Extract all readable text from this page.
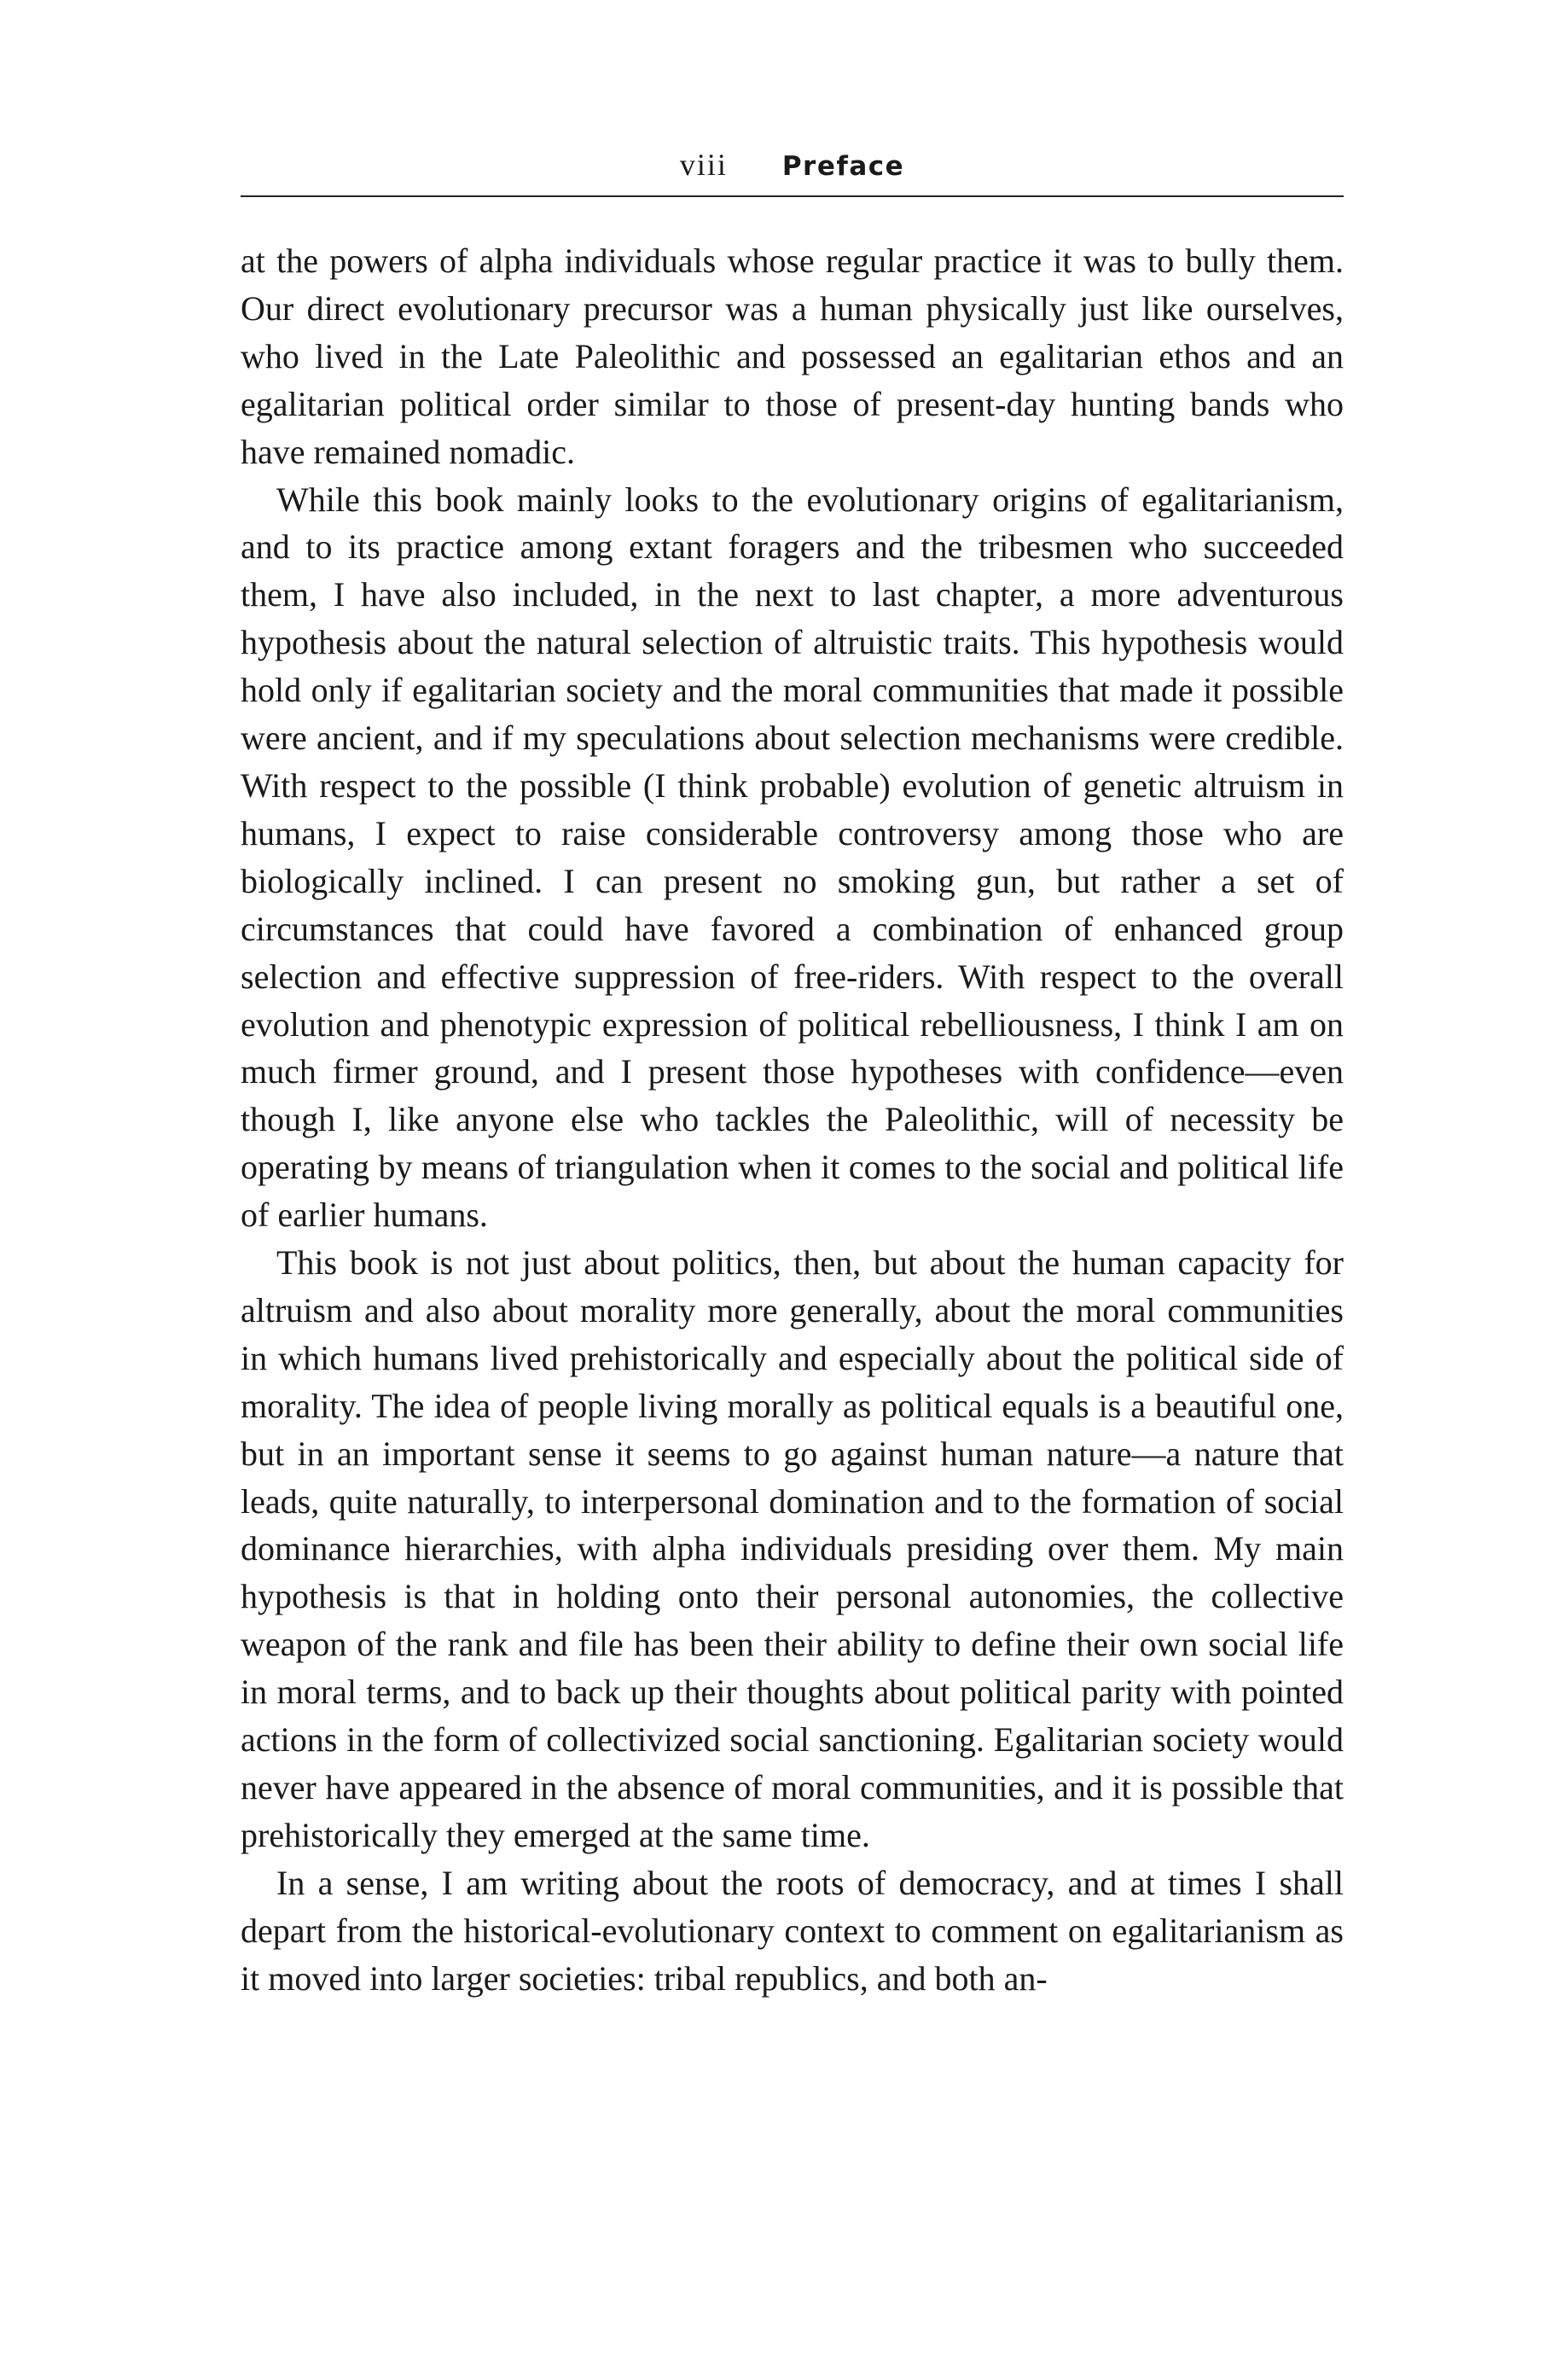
viii Preface

at the powers of alpha individuals whose regular practice it was to bully them. Our direct evolutionary precursor was a human physically just like ourselves, who lived in the Late Paleolithic and possessed an egalitarian ethos and an egalitarian political order similar to those of present-day hunting bands who have remained nomadic.

While this book mainly looks to the evolutionary origins of egalitarianism, and to its practice among extant foragers and the tribesmen who succeeded them, I have also included, in the next to last chapter, a more adventurous hypothesis about the natural selection of altruistic traits. This hypothesis would hold only if egalitarian society and the moral communities that made it possible were ancient, and if my speculations about selection mechanisms were credible. With respect to the possible (I think probable) evolution of genetic altruism in humans, I expect to raise considerable controversy among those who are biologically inclined. I can present no smoking gun, but rather a set of circumstances that could have favored a combination of enhanced group selection and effective suppression of free-riders. With respect to the overall evolution and phenotypic expression of political rebelliousness, I think I am on much firmer ground, and I present those hypotheses with confidence—even though I, like anyone else who tackles the Paleolithic, will of necessity be operating by means of triangulation when it comes to the social and political life of earlier humans.

This book is not just about politics, then, but about the human capacity for altruism and also about morality more generally, about the moral communities in which humans lived prehistorically and especially about the political side of morality. The idea of people living morally as political equals is a beautiful one, but in an important sense it seems to go against human nature—a nature that leads, quite naturally, to interpersonal domination and to the formation of social dominance hierarchies, with alpha individuals presiding over them. My main hypothesis is that in holding onto their personal autonomies, the collective weapon of the rank and file has been their ability to define their own social life in moral terms, and to back up their thoughts about political parity with pointed actions in the form of collectivized social sanctioning. Egalitarian society would never have appeared in the absence of moral communities, and it is possible that prehistorically they emerged at the same time.

In a sense, I am writing about the roots of democracy, and at times I shall depart from the historical-evolutionary context to comment on egalitarianism as it moved into larger societies: tribal republics, and both an-
